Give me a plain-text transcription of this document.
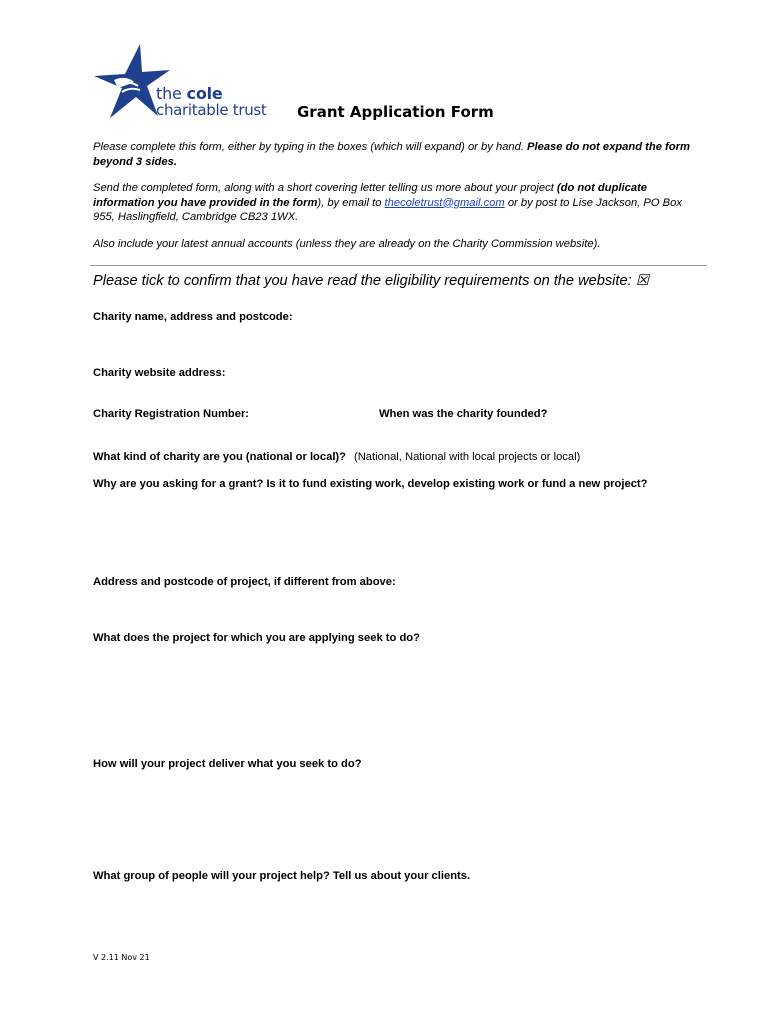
the cole
charitable trust Grant Application Form
Please complete this form, either by typing in the boxes (which will expand) or by hand. Please do not expand the form beyond 3 sides.
Send the completed form, along with a short covering letter telling us more about your project (do not duplicate information you have provided in the form), by email to thecoletrust@gmail.com or by post to Lise Jackson, PO Box 955, Haslingfield, Cambridge CB23 1WX.
Also include your latest annual accounts (unless they are already on the Charity Commission website).
Please tick to confirm that you have read the eligibility requirements on the website: ☒
Charity name, address and postcode:
Charity website address:
Charity Registration Number:	When was the charity founded?
What kind of charity are you (national or local)? (National, National with local projects or local)
Why are you asking for a grant? Is it to fund existing work, develop existing work or fund a new project?
Address and postcode of project, if different from above:
What does the project for which you are applying seek to do?
How will your project deliver what you seek to do?
What group of people will your project help? Tell us about your clients.
V 2.11 Nov 21
